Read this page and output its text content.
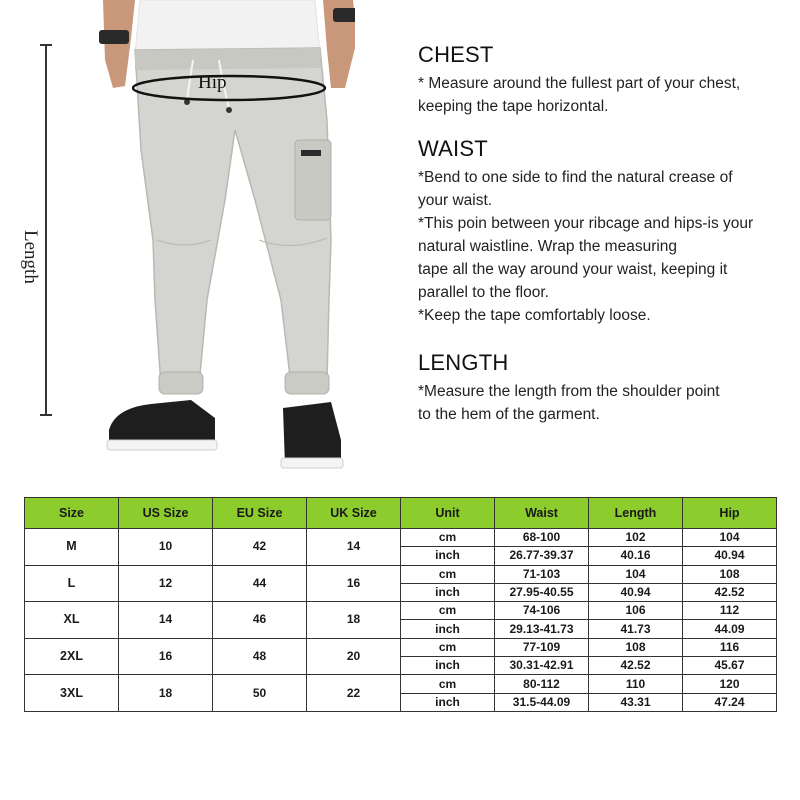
Length
Hip

CHEST

* Measure around the fullest part of your chest,

keeping the tape horizontal.

WAIST

*Bend to one side to find the natural crease of

your waist.

*This poin between your ribcage and hips-is your

natural waistline. Wrap the measuring

tape all the way around your waist, keeping it

parallel to the floor.

*Keep the tape comfortably loose.

LENGTH

*Measure the length from the shoulder point

to the hem of the garment.

Size	US Size	EU Size	UK Size	Unit	Waist	Length	Hip
M	10	42	14	cm	68-100	102	104
				inch	26.77-39.37	40.16	40.94
L	12	44	16	cm	71-103	104	108
				inch	27.95-40.55	40.94	42.52
XL	14	46	18	cm	74-106	106	112
				inch	29.13-41.73	41.73	44.09
2XL	16	48	20	cm	77-109	108	116
				inch	30.31-42.91	42.52	45.67
3XL	18	50	22	cm	80-112	110	120
				inch	31.5-44.09	43.31	47.24
